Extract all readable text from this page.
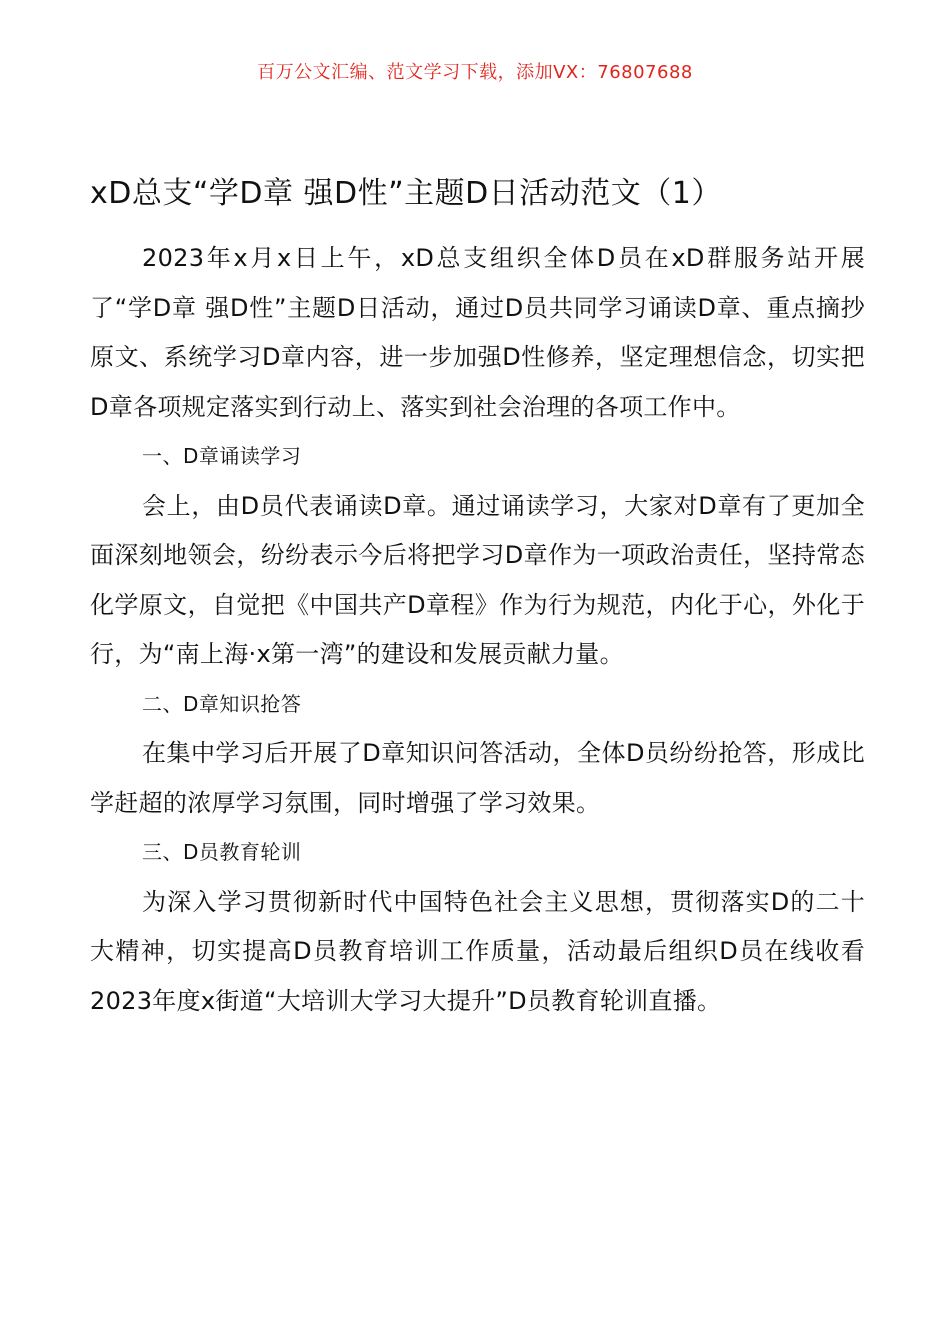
百万公文汇编、范文学习下载，添加VX：76807688
xD总支“学D章 强D性”主题D日活动范文（1）

2023年x月x日上午，xD总支组织全体D员在xD群服务站开展了“学D章 强D性”主题D日活动，通过D员共同学习诵读D章、重点摘抄原文、系统学习D章内容，进一步加强D性修养，坚定理想信念，切实把D章各项规定落实到行动上、落实到社会治理的各项工作中。

一、D章诵读学习

会上，由D员代表诵读D章。通过诵读学习，大家对D章有了更加全面深刻地领会，纷纷表示今后将把学习D章作为一项政治责任，坚持常态化学原文，自觉把《中国共产D章程》作为行为规范，内化于心，外化于行，为“南上海·x第一湾”的建设和发展贡献力量。

二、D章知识抢答

在集中学习后开展了D章知识问答活动，全体D员纷纷抢答，形成比学赶超的浓厚学习氛围，同时增强了学习效果。

三、D员教育轮训

为深入学习贯彻新时代中国特色社会主义思想，贯彻落实D的二十大精神，切实提高D员教育培训工作质量，活动最后组织D员在线收看2023年度x街道“大培训大学习大提升”D员教育轮训直播。
